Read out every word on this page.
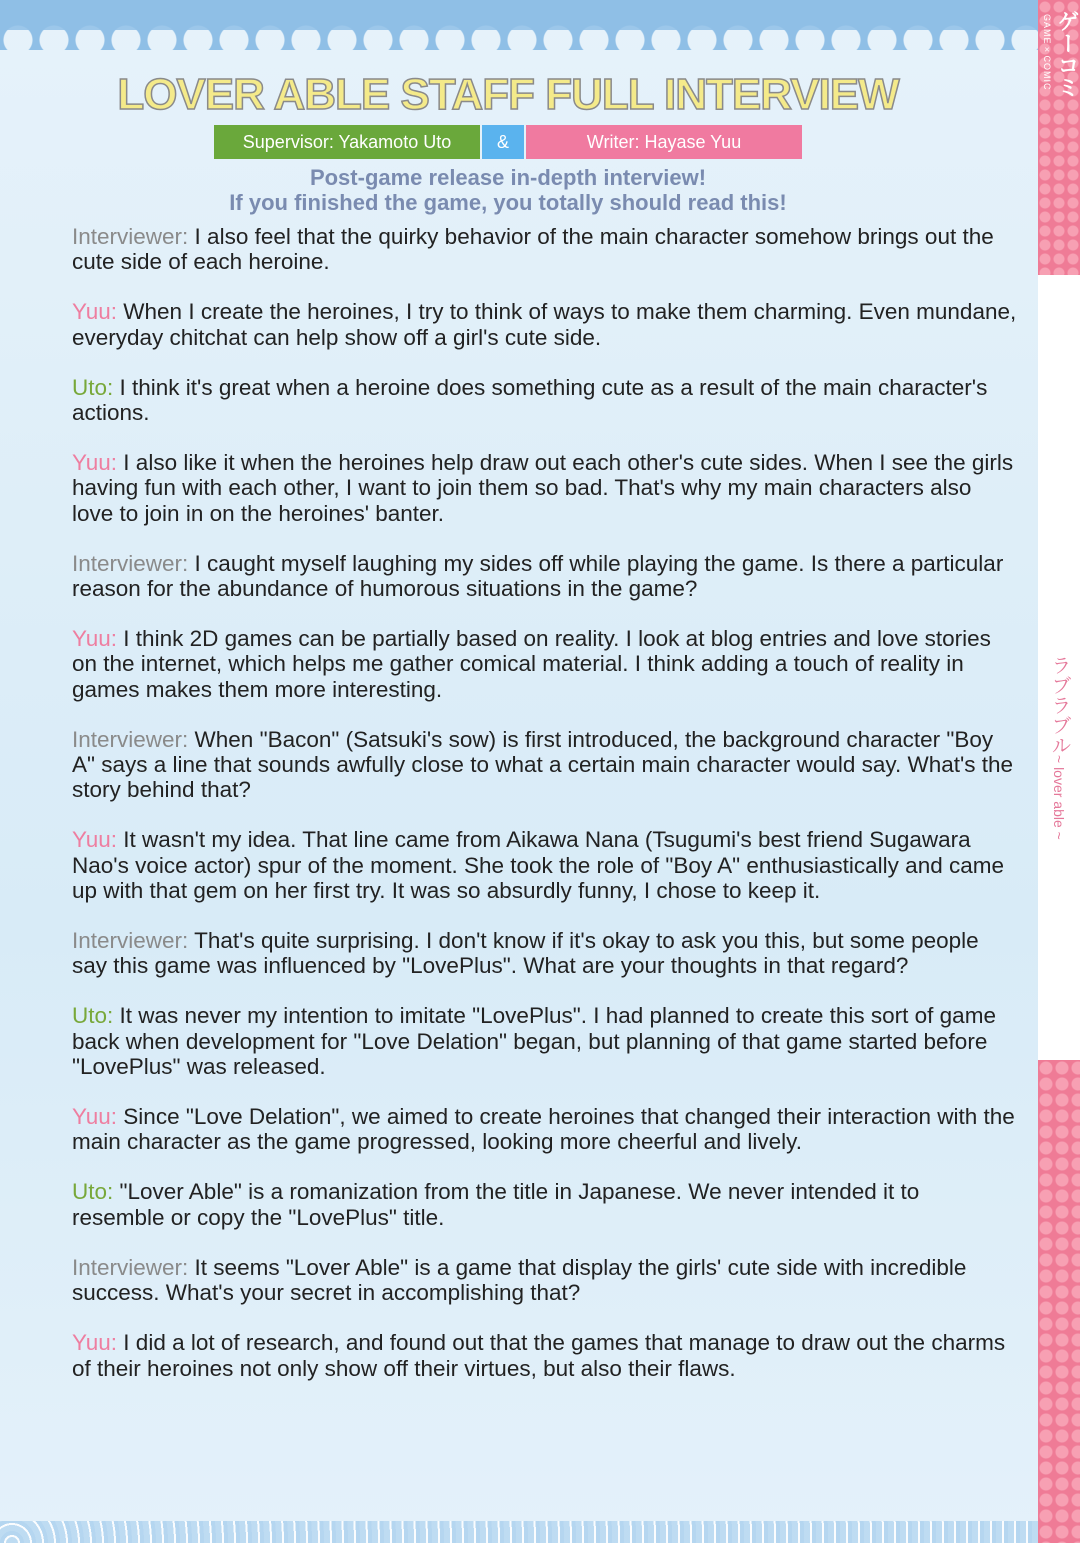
ゲーコミ
GAME×COMIC
ラブラブル~ lover able ~
LOVER ABLE STAFF FULL INTERVIEW
Supervisor: Yakamoto Uto	&	Writer: Hayase Yuu
Post-game release in-depth interview!
If you finished the game, you totally should read this!

Interviewer: I also feel that the quirky behavior of the main character somehow brings out the cute side of each heroine.

Yuu: When I create the heroines, I try to think of ways to make them charming. Even mundane, everyday chitchat can help show off a girl's cute side.

Uto: I think it's great when a heroine does something cute as a result of the main character's actions.

Yuu: I also like it when the heroines help draw out each other's cute sides. When I see the girls having fun with each other, I want to join them so bad. That's why my main characters also love to join in on the heroines' banter.

Interviewer: I caught myself laughing my sides off while playing the game. Is there a particular reason for the abundance of humorous situations in the game?

Yuu: I think 2D games can be partially based on reality. I look at blog entries and love stories on the internet, which helps me gather comical material. I think adding a touch of reality in games makes them more interesting.

Interviewer: When "Bacon" (Satsuki's sow) is first introduced, the background character "Boy A" says a line that sounds awfully close to what a certain main character would say. What's the story behind that?

Yuu: It wasn't my idea. That line came from Aikawa Nana (Tsugumi's best friend Sugawara Nao's voice actor) spur of the moment. She took the role of "Boy A" enthusiastically and came up with that gem on her first try. It was so absurdly funny, I chose to keep it.

Interviewer: That's quite surprising. I don't know if it's okay to ask you this, but some people say this game was influenced by "LovePlus". What are your thoughts in that regard?

Uto: It was never my intention to imitate "LovePlus". I had planned to create this sort of game back when development for "Love Delation" began, but planning of that game started before "LovePlus" was released.

Yuu: Since "Love Delation", we aimed to create heroines that changed their interaction with the main character as the game progressed, looking more cheerful and lively.

Uto: "Lover Able" is a romanization from the title in Japanese. We never intended it to resemble or copy the "LovePlus" title.

Interviewer: It seems "Lover Able" is a game that display the girls' cute side with incredible success. What's your secret in accomplishing that?

Yuu: I did a lot of research, and found out that the games that manage to draw out the charms of their heroines not only show off their virtues, but also their flaws.
